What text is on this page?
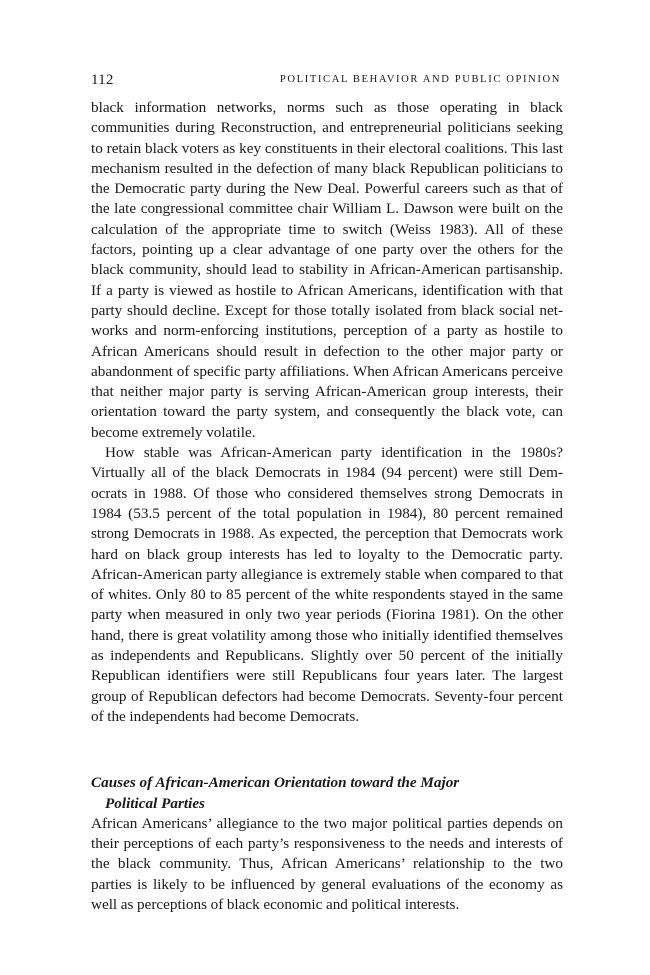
112	POLITICAL BEHAVIOR AND PUBLIC OPINION

black information networks, norms such as those operating in black communities during Reconstruction, and entrepreneurial politicians seeking to retain black voters as key constituents in their electoral coalitions. This last mechanism resulted in the defection of many black Republican politicians to the Democratic party during the New Deal. Powerful careers such as that of the late congressional committee chair William L. Dawson were built on the calculation of the appropriate time to switch (Weiss 1983). All of these factors, pointing up a clear advantage of one party over the others for the black community, should lead to stability in African-American partisanship. If a party is viewed as hostile to African Americans, identification with that party should decline. Except for those totally isolated from black social networks and norm-enforcing institutions, perception of a party as hostile to African Americans should result in defection to the other major party or abandonment of specific party affiliations. When African Americans perceive that neither major party is serving African-American group interests, their orientation toward the party system, and consequently the black vote, can become extremely volatile.

How stable was African-American party identification in the 1980s? Virtually all of the black Democrats in 1984 (94 percent) were still Democrats in 1988. Of those who considered themselves strong Democrats in 1984 (53.5 percent of the total population in 1984), 80 percent remained strong Democrats in 1988. As expected, the perception that Democrats work hard on black group interests has led to loyalty to the Democratic party. African-American party allegiance is extremely stable when compared to that of whites. Only 80 to 85 percent of the white respondents stayed in the same party when measured in only two year periods (Fiorina 1981). On the other hand, there is great volatility among those who initially identified themselves as independents and Republicans. Slightly over 50 percent of the initially Republican identifiers were still Republicans four years later. The largest group of Republican defectors had become Democrats. Seventy-four percent of the independents had become Democrats.

Causes of African-American Orientation toward the Major
Political Parties

African Americans’ allegiance to the two major political parties depends on their perceptions of each party’s responsiveness to the needs and interests of the black community. Thus, African Americans’ relationship to the two parties is likely to be influenced by general evaluations of the economy as well as perceptions of black economic and political interests.
